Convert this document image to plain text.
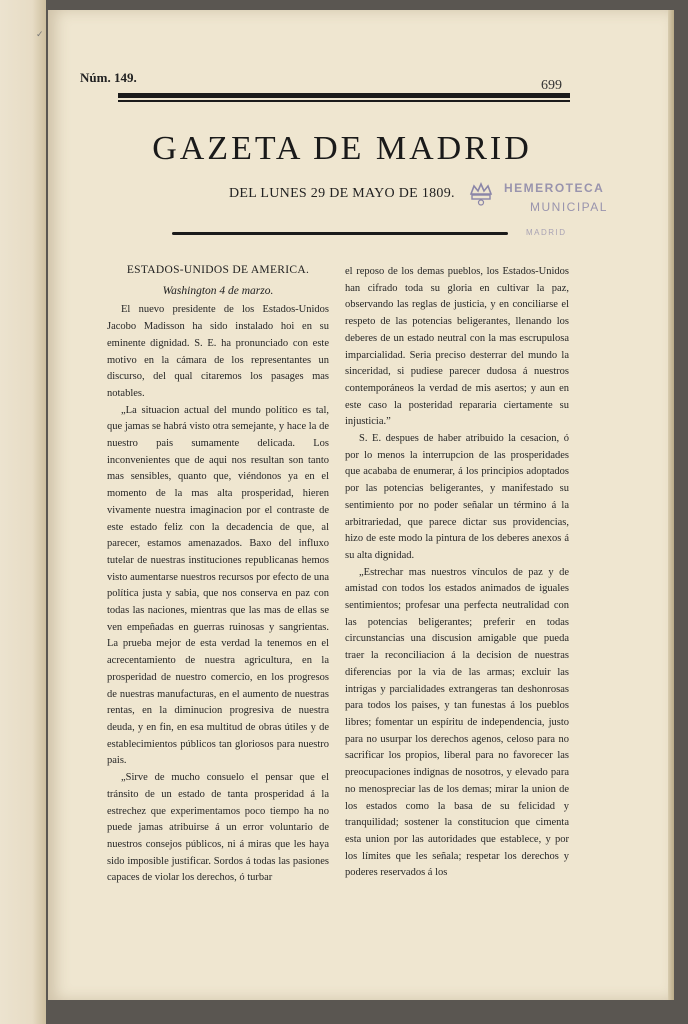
✓
Núm. 149.
699
GAZETA DE MADRID
DEL LUNES 29 DE MAYO DE 1809.	HEMEROTECA
MUNICIPAL
MADRID
ESTADOS-UNIDOS DE AMERICA.
Washington 4 de marzo.

El nuevo presidente de los Estados-Unidos Jacobo Madisson ha sido instalado hoi en su eminente dignidad. S. E. ha pronunciado con este motivo en la cámara de los representantes un discurso, del qual citaremos los pasages mas notables.

„La situacion actual del mundo político es tal, que jamas se habrá visto otra semejante, y hace la de nuestro pais sumamente delicada. Los inconvenientes que de aqui nos resultan son tanto mas sensibles, quanto que, viéndonos ya en el momento de la mas alta prosperidad, hieren vivamente nuestra imaginacion por el contraste de este estado feliz con la decadencia de que, al parecer, estamos amenazados. Baxo del influxo tutelar de nuestras instituciones republicanas hemos visto aumentarse nuestros recursos por efecto de una política justa y sabia, que nos conserva en paz con todas las naciones, mientras que las mas de ellas se ven empeñadas en guerras ruinosas y sangrientas. La prueba mejor de esta verdad la tenemos en el acrecentamiento de nuestra agricultura, en la prosperidad de nuestro comercio, en los progresos de nuestras manufacturas, en el aumento de nuestras rentas, en la diminucion progresiva de nuestra deuda, y en fin, en esa multitud de obras útiles y de establecimientos públicos tan gloriosos para nuestro pais.

„Sirve de mucho consuelo el pensar que el tránsito de un estado de tanta prosperidad á la estrechez que experimentamos poco tiempo ha no puede jamas atribuirse á un error voluntario de nuestros consejos públicos, ni á miras que les haya sido imposible justificar. Sordos á todas las pasiones capaces de violar los derechos, ó turbar

el reposo de los demas pueblos, los Estados-Unidos han cifrado toda su gloria en cultivar la paz, observando las reglas de justicia, y en conciliarse el respeto de las potencias beligerantes, llenando los deberes de un estado neutral con la mas escrupulosa imparcialidad. Seria preciso desterrar del mundo la sinceridad, si pudiese parecer dudosa á nuestros contemporáneos la verdad de mis asertos; y aun en este caso la posteridad repararia ciertamente su injusticia.”

S. E. despues de haber atribuido la cesacion, ó por lo menos la interrupcion de las prosperidades que acababa de enumerar, á los principios adoptados por las potencias beligerantes, y manifestado su sentimiento por no poder señalar un término á la arbitrariedad, que parece dictar sus providencias, hizo de este modo la pintura de los deberes anexos á su alta dignidad.

„Estrechar mas nuestros vínculos de paz y de amistad con todos los estados animados de iguales sentimientos; profesar una perfecta neutralidad con las potencias beligerantes; preferir en todas circunstancias una discusion amigable que pueda traer la reconciliacion á la decision de nuestras diferencias por la via de las armas; excluir las intrigas y parcialidades extrangeras tan deshonrosas para todos los paises, y tan funestas á los pueblos libres; fomentar un espíritu de independencia, justo para no usurpar los derechos agenos, celoso para no sacrificar los propios, liberal para no favorecer las preocupaciones indignas de nosotros, y elevado para no menospreciar las de los demas; mirar la union de los estados como la basa de su felicidad y tranquilidad; sostener la constitucion que cimenta esta union por las autoridades que establece, y por los límites que les señala; respetar los derechos y poderes reservados á los
